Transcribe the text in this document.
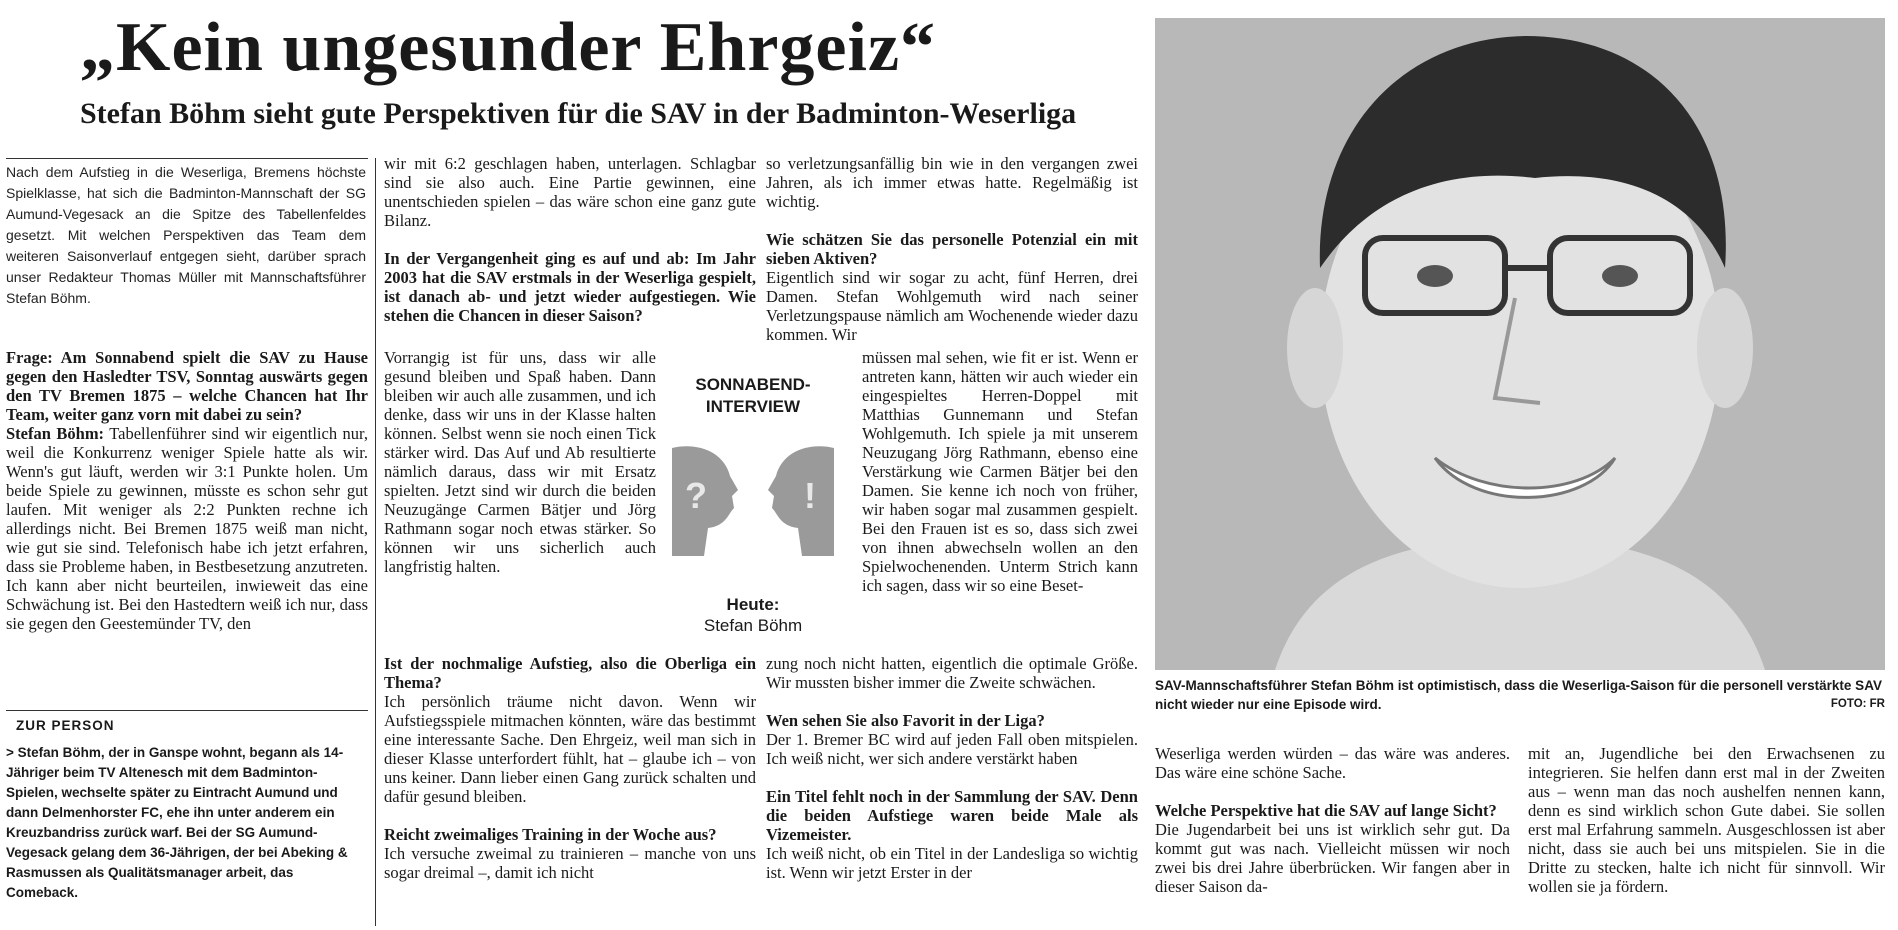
„Kein ungesunder Ehrgeiz“
Stefan Böhm sieht gute Perspektiven für die SAV in der Badminton-Weserliga
Nach dem Aufstieg in die Weserliga, Bremens höchste Spielklasse, hat sich die Badminton-Mannschaft der SG Aumund-Vegesack an die Spitze des Tabellenfeldes gesetzt. Mit welchen Perspektiven das Team dem weiteren Saisonverlauf entgegen sieht, darüber sprach unser Redakteur Thomas Müller mit Mannschaftsführer Stefan Böhm.

Frage: Am Sonnabend spielt die SAV zu Hause gegen den Hasledter TSV, Sonntag auswärts gegen den TV Bremen 1875 – welche Chancen hat Ihr Team, weiter ganz vorn mit dabei zu sein?

Stefan Böhm: Tabellenführer sind wir eigentlich nur, weil die Konkurrenz weniger Spiele hatte als wir. Wenn's gut läuft, werden wir 3:1 Punkte holen. Um beide Spiele zu gewinnen, müsste es schon sehr gut laufen. Mit weniger als 2:2 Punkten rechne ich allerdings nicht. Bei Bremen 1875 weiß man nicht, wie gut sie sind. Telefonisch habe ich jetzt erfahren, dass sie Probleme haben, in Bestbesetzung anzutreten. Ich kann aber nicht beurteilen, inwieweit das eine Schwächung ist. Bei den Hastedtern weiß ich nur, dass sie gegen den Geestemünder TV, den

ZUR PERSON

> Stefan Böhm, der in Ganspe wohnt, begann als 14-Jähriger beim TV Altenesch mit dem Badminton-Spielen, wechselte später zu Eintracht Aumund und dann Delmenhorster FC, ehe ihn unter anderem ein Kreuzbandriss zurück warf. Bei der SG Aumund-Vegesack gelang dem 36-Jährigen, der bei Abeking & Rasmussen als Qualitätsmanager arbeit, das Comeback.

wir mit 6:2 geschlagen haben, unterlagen. Schlagbar sind sie also auch. Eine Partie gewinnen, eine unentschieden spielen – das wäre schon eine ganz gute Bilanz.

In der Vergangenheit ging es auf und ab: Im Jahr 2003 hat die SAV erstmals in der Weserliga gespielt, ist danach ab- und jetzt wieder aufgestiegen. Wie stehen die Chancen in dieser Saison?

Vorrangig ist für uns, dass wir alle gesund bleiben und Spaß haben. Dann bleiben wir auch alle zusammen, und ich denke, dass wir uns in der Klasse halten können. Selbst wenn sie noch einen Tick stärker wird. Das Auf und Ab resultierte nämlich daraus, dass wir mit Ersatz spielten. Jetzt sind wir durch die beiden Neuzugänge Carmen Bätjer und Jörg Rathmann sogar noch etwas stärker. So können wir uns sicherlich auch langfristig halten.

Ist der nochmalige Aufstieg, also die Oberliga ein Thema?

Ich persönlich träume nicht davon. Wenn wir Aufstiegsspiele mitmachen könnten, wäre das bestimmt eine interessante Sache. Den Ehrgeiz, weil man sich in dieser Klasse unterfordert fühlt, hat – glaube ich – von uns keiner. Dann lieber einen Gang zurück schalten und dafür gesund bleiben.

Reicht zweimaliges Training in der Woche aus?

Ich versuche zweimal zu trainieren – manche von uns sogar dreimal –, damit ich nicht

SONNABEND-INTERVIEW
?	!
Heute:
Stefan Böhm

so verletzungsanfällig bin wie in den vergangen zwei Jahren, als ich immer etwas hatte. Regelmäßig ist wichtig.

Wie schätzen Sie das personelle Potenzial ein mit sieben Aktiven?

Eigentlich sind wir sogar zu acht, fünf Herren, drei Damen. Stefan Wohlgemuth wird nach seiner Verletzungspause nämlich am Wochenende wieder dazu kommen. Wir

müssen mal sehen, wie fit er ist. Wenn er antreten kann, hätten wir auch wieder ein eingespieltes Herren-Doppel mit Matthias Gunnemann und Stefan Wohlgemuth. Ich spiele ja mit unserem Neuzugang Jörg Rathmann, ebenso eine Verstärkung wie Carmen Bätjer bei den Damen. Sie kenne ich noch von früher, wir haben sogar mal zusammen gespielt. Bei den Frauen ist es so, dass sich zwei von ihnen abwechseln wollen an den Spielwochenenden. Unterm Strich kann ich sagen, dass wir so eine Beset-

zung noch nicht hatten, eigentlich die optimale Größe. Wir mussten bisher immer die Zweite schwächen.

Wen sehen Sie also Favorit in der Liga?

Der 1. Bremer BC wird auf jeden Fall oben mitspielen. Ich weiß nicht, wer sich andere verstärkt haben

Ein Titel fehlt noch in der Sammlung der SAV. Denn die beiden Aufstiege waren beide Male als Vizemeister.

Ich weiß nicht, ob ein Titel in der Landesliga so wichtig ist. Wenn wir jetzt Erster in der

SAV-Mannschaftsführer Stefan Böhm ist optimistisch, dass die Weserliga-Saison für die personell verstärkte SAV nicht wieder nur eine Episode wird.	FOTO: FR

Weserliga werden würden – das wäre was anderes. Das wäre eine schöne Sache.

Welche Perspektive hat die SAV auf lange Sicht?

Die Jugendarbeit bei uns ist wirklich sehr gut. Da kommt gut was nach. Vielleicht müssen wir noch zwei bis drei Jahre überbrücken. Wir fangen aber in dieser Saison da-

mit an, Jugendliche bei den Erwachsenen zu integrieren. Sie helfen dann erst mal in der Zweiten aus – wenn man das noch aushelfen nennen kann, denn es sind wirklich schon Gute dabei. Sie sollen erst mal Erfahrung sammeln. Ausgeschlossen ist aber nicht, dass sie auch bei uns mitspielen. Sie in die Dritte zu stecken, halte ich nicht für sinnvoll. Wir wollen sie ja fördern.
